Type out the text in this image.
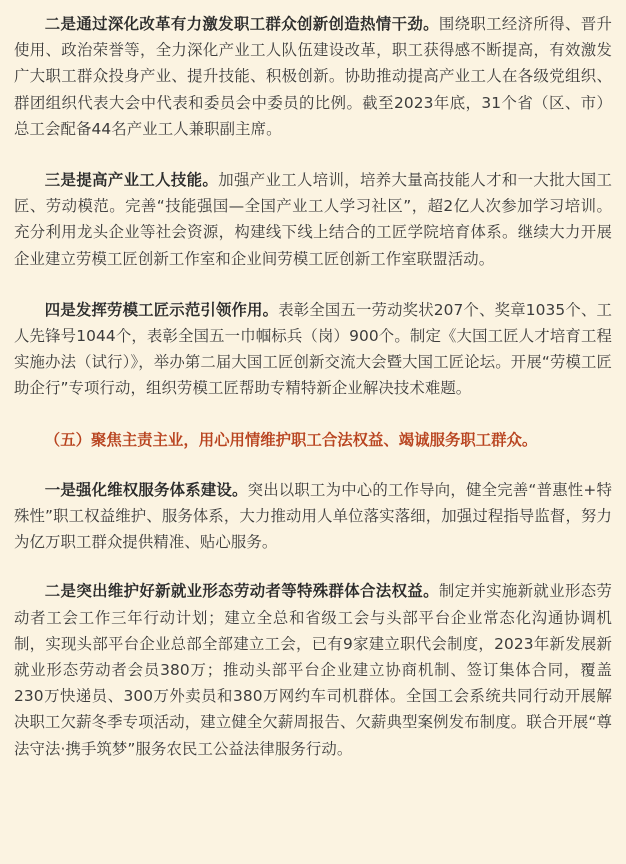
二是通过深化改革有力激发职工群众创新创造热情干劲。围绕职工经济所得、晋升使用、政治荣誉等，全力深化产业工人队伍建设改革，职工获得感不断提高，有效激发广大职工群众投身产业、提升技能、积极创新。协助推动提高产业工人在各级党组织、群团组织代表大会中代表和委员会中委员的比例。截至2023年底，31个省（区、市）总工会配备44名产业工人兼职副主席。

三是提高产业工人技能。加强产业工人培训，培养大量高技能人才和一大批大国工匠、劳动模范。完善“技能强国—全国产业工人学习社区”，超2亿人次参加学习培训。充分利用龙头企业等社会资源，构建线下线上结合的工匠学院培育体系。继续大力开展企业建立劳模工匠创新工作室和企业间劳模工匠创新工作室联盟活动。

四是发挥劳模工匠示范引领作用。表彰全国五一劳动奖状207个、奖章1035个、工人先锋号1044个，表彰全国五一巾帼标兵（岗）900个。制定《大国工匠人才培育工程实施办法（试行）》，举办第二届大国工匠创新交流大会暨大国工匠论坛。开展“劳模工匠助企行”专项行动，组织劳模工匠帮助专精特新企业解决技术难题。

（五）聚焦主责主业，用心用情维护职工合法权益、竭诚服务职工群众。

一是强化维权服务体系建设。突出以职工为中心的工作导向，健全完善“普惠性+特殊性”职工权益维护、服务体系，大力推动用人单位落实落细，加强过程指导监督，努力为亿万职工群众提供精准、贴心服务。

二是突出维护好新就业形态劳动者等特殊群体合法权益。制定并实施新就业形态劳动者工会工作三年行动计划；建立全总和省级工会与头部平台企业常态化沟通协调机制，实现头部平台企业总部全部建立工会，已有9家建立职代会制度，2023年新发展新就业形态劳动者会员380万；推动头部平台企业建立协商机制、签订集体合同，覆盖230万快递员、300万外卖员和380万网约车司机群体。全国工会系统共同行动开展解决职工欠薪冬季专项活动，建立健全欠薪周报告、欠薪典型案例发布制度。联合开展“尊法守法·携手筑梦”服务农民工公益法律服务行动。
